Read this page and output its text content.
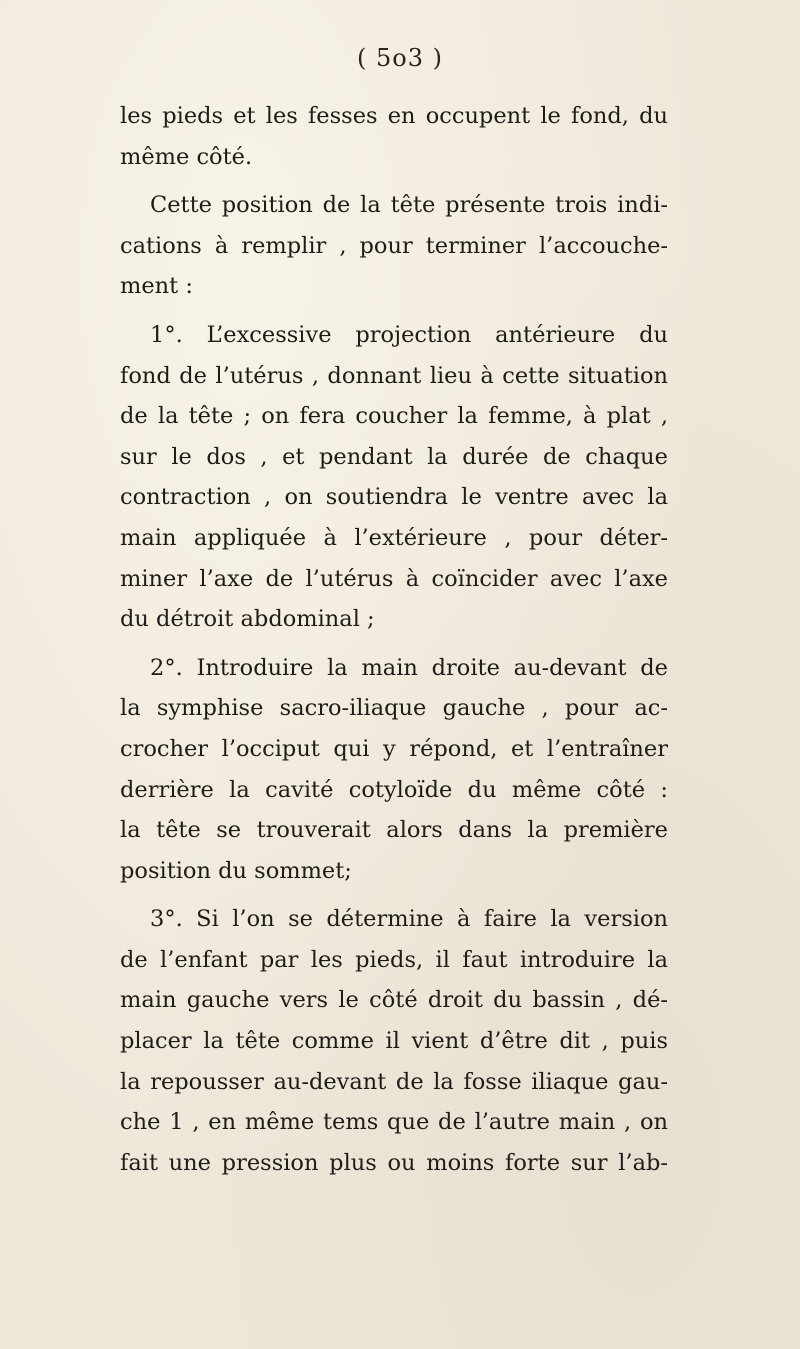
( 5o3 )

les pieds et les fesses en occupent le fond, du
même côté.

Cette position de la tête présente trois indi-
cations à remplir , pour terminer l’accouche-
ment :

1°. L’excessive projection antérieure du
fond de l’utérus , donnant lieu à cette situation
de la tête ; on fera coucher la femme, à plat ,
sur le dos , et pendant la durée de chaque
contraction , on soutiendra le ventre avec la
main appliquée à l’extérieure , pour déter-
miner l’axe de l’utérus à coïncider avec l’axe
du détroit abdominal ;

2°. Introduire la main droite au-devant de
la symphise sacro-iliaque gauche , pour ac-
crocher l’occiput qui y répond, et l’entraîner
derrière la cavité cotyloïde du même côté :
la tête se trouverait alors dans la première
position du sommet;

3°. Si l’on se détermine à faire la version
de l’enfant par les pieds, il faut introduire la
main gauche vers le côté droit du bassin , dé-
placer la tête comme il vient d’être dit , puis
la repousser au-devant de la fosse iliaque gau-
che 1 , en même tems que de l’autre main , on
fait une pression plus ou moins forte sur l’ab-
